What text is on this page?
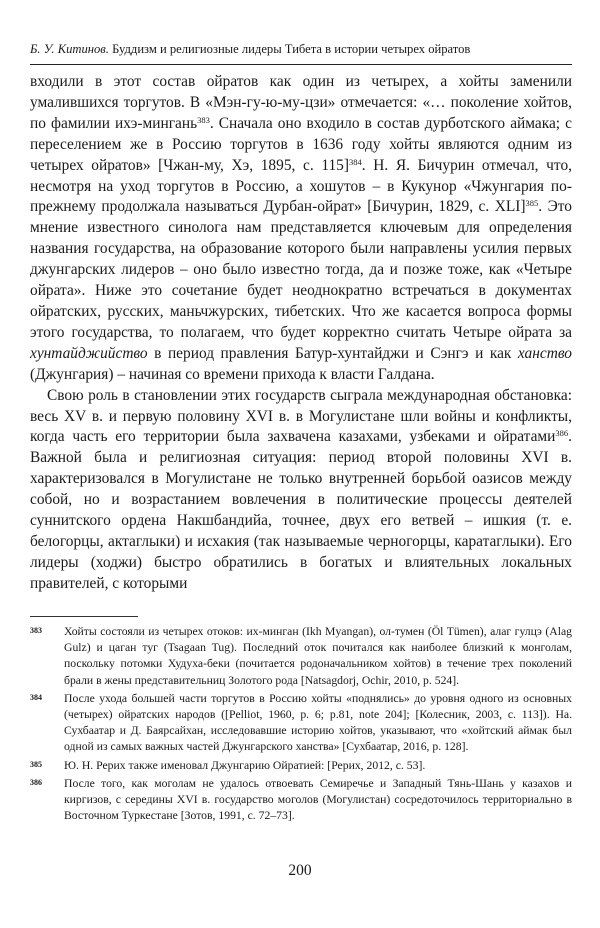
Б. У. Китинов. Буддизм и религиозные лидеры Тибета в истории четырех ойратов

входили в этот состав ойратов как один из четырех, а хойты заменили умалившихся торгутов. В «Мэн-гу-ю-му-цзи» отмечается: «… поколение хойтов, по фамилии ихэ-мингань$^{383}$. Сначала оно входило в состав дурботского аймака; с переселением же в Россию торгутов в 1636 году хойты являются одним из четырех ойратов» [Чжан-му, Хэ, 1895, с. 115]$^{384}$. Н. Я. Бичурин отмечал, что, несмотря на уход торгутов в Россию, а хошутов – в Кукунор «Чжунгария по-прежнему продолжала называться Дурбан-ойрат» [Бичурин, 1829, с. XLI]$^{385}$. Это мнение известного синолога нам представляется ключевым для определения названия государства, на образование которого были направлены усилия первых джунгарских лидеров – оно было известно тогда, да и позже тоже, как «Четыре ойрата». Ниже это сочетание будет неоднократно встречаться в документах ойратских, русских, маньчжурских, тибетских. Что же касается вопроса формы этого государства, то полагаем, что будет корректно считать Четыре ойрата за хунтайджийство в период правления Батур-хунтайджи и Сэнгэ и как ханство (Джунгария) – начиная со времени прихода к власти Галдана.

Свою роль в становлении этих государств сыграла международная обстановка: весь XV в. и первую половину XVI в. в Могулистане шли войны и конфликты, когда часть его территории была захвачена казахами, узбеками и ойратами$^{386}$. Важной была и религиозная ситуация: период второй половины XVI в. характеризовался в Могулистане не только внутренней борьбой оазисов между собой, но и возрастанием вовлечения в политические процессы деятелей суннитского ордена Накшбандийа, точнее, двух его ветвей – ишкия (т. е. белогорцы, актаглыки) и исхакия (так называемые черногорцы, каратаглыки). Его лидеры (ходжи) быстро обратились в богатых и влиятельных локальных правителей, с которыми

383	Хойты состояли из четырех отоков: их-минган (Ikh Myangan), ол-тумен (Öl Tümen), алаг гулцэ (Alag Gulz) и цаган туг (Tsagaan Tug). Последний оток почитался как наиболее близкий к монголам, поскольку потомки Худуха-беки (почитается родоначальником хойтов) в течение трех поколений брали в жены представительниц Золотого рода [Natsagdorj, Ochir, 2010, p. 524].
384	После ухода большей части торгутов в Россию хойты «поднялись» до уровня одного из основных (четырех) ойратских народов ([Pelliot, 1960, p. 6; p.81, note 204]; [Колесник, 2003, с. 113]). На. Сухбаатар и Д. Баярсайхан, исследовавшие историю хойтов, указывают, что «хойтский аймак был одной из самых важных частей Джунгарского ханства» [Сухбаатар, 2016, р. 128].
385	Ю. Н. Рерих также именовал Джунгарию Ойратией: [Рерих, 2012, с. 53].
386	После того, как моголам не удалось отвоевать Семиречье и Западный Тянь-Шань у казахов и киргизов, с середины XVI в. государство моголов (Могулистан) сосредоточилось территориально в Восточном Туркестане [Зотов, 1991, с. 72–73].
200
